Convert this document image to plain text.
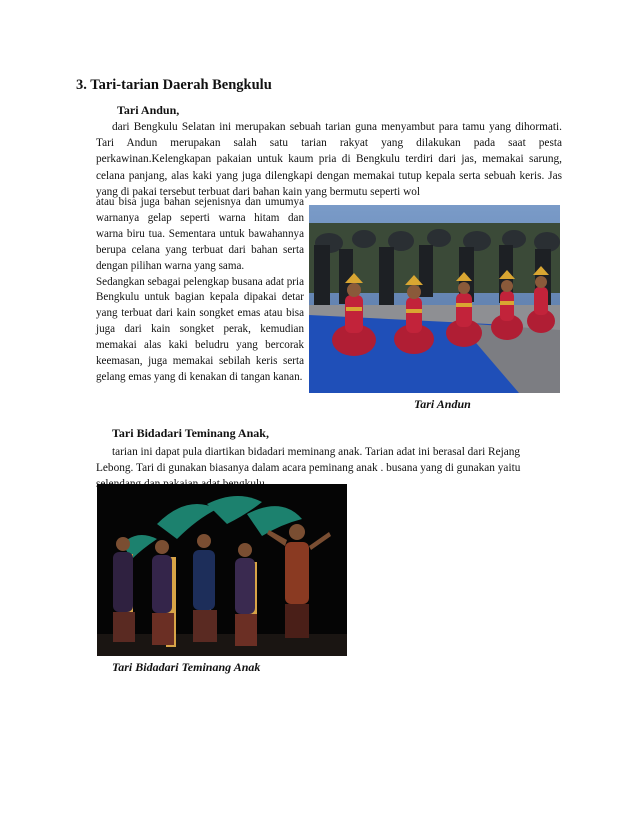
3. Tari-tarian Daerah Bengkulu
Tari Andun,

dari Bengkulu Selatan ini merupakan sebuah tarian guna menyambut para tamu yang dihormati. Tari Andun merupakan salah satu tarian rakyat yang dilakukan pada saat pesta perkawinan.Kelengkapan pakaian untuk kaum pria di Bengkulu terdiri dari jas, memakai sarung, celana panjang, alas kaki yang juga dilengkapi dengan memakai tutup kepala serta sebuah keris. Jas yang di pakai tersebut terbuat dari bahan kain yang bermutu seperti wol

atau bisa juga bahan sejenisnya dan umumya warnanya gelap seperti warna hitam dan warna biru tua. Sementara untuk bawahannya berupa celana yang terbuat dari bahan serta dengan pilihan warna yang sama.

Sedangkan sebagai pelengkap busana adat pria Bengkulu untuk bagian kepala dipakai detar yang terbuat dari kain songket emas atau bisa juga dari kain songket perak, kemudian memakai alas kaki beludru yang bercorak keemasan, juga memakai sebilah keris serta gelang emas yang di kenakan di tangan kanan.

Tari Andun
Tari Bidadari Teminang Anak,

tarian ini dapat pula diartikan bidadari meminang anak. Tarian adat ini berasal dari Rejang Lebong. Tari di gunakan biasanya dalam acara peminang anak . busana yang di gunakan yaitu

Tari Bidadari Teminang Anak
